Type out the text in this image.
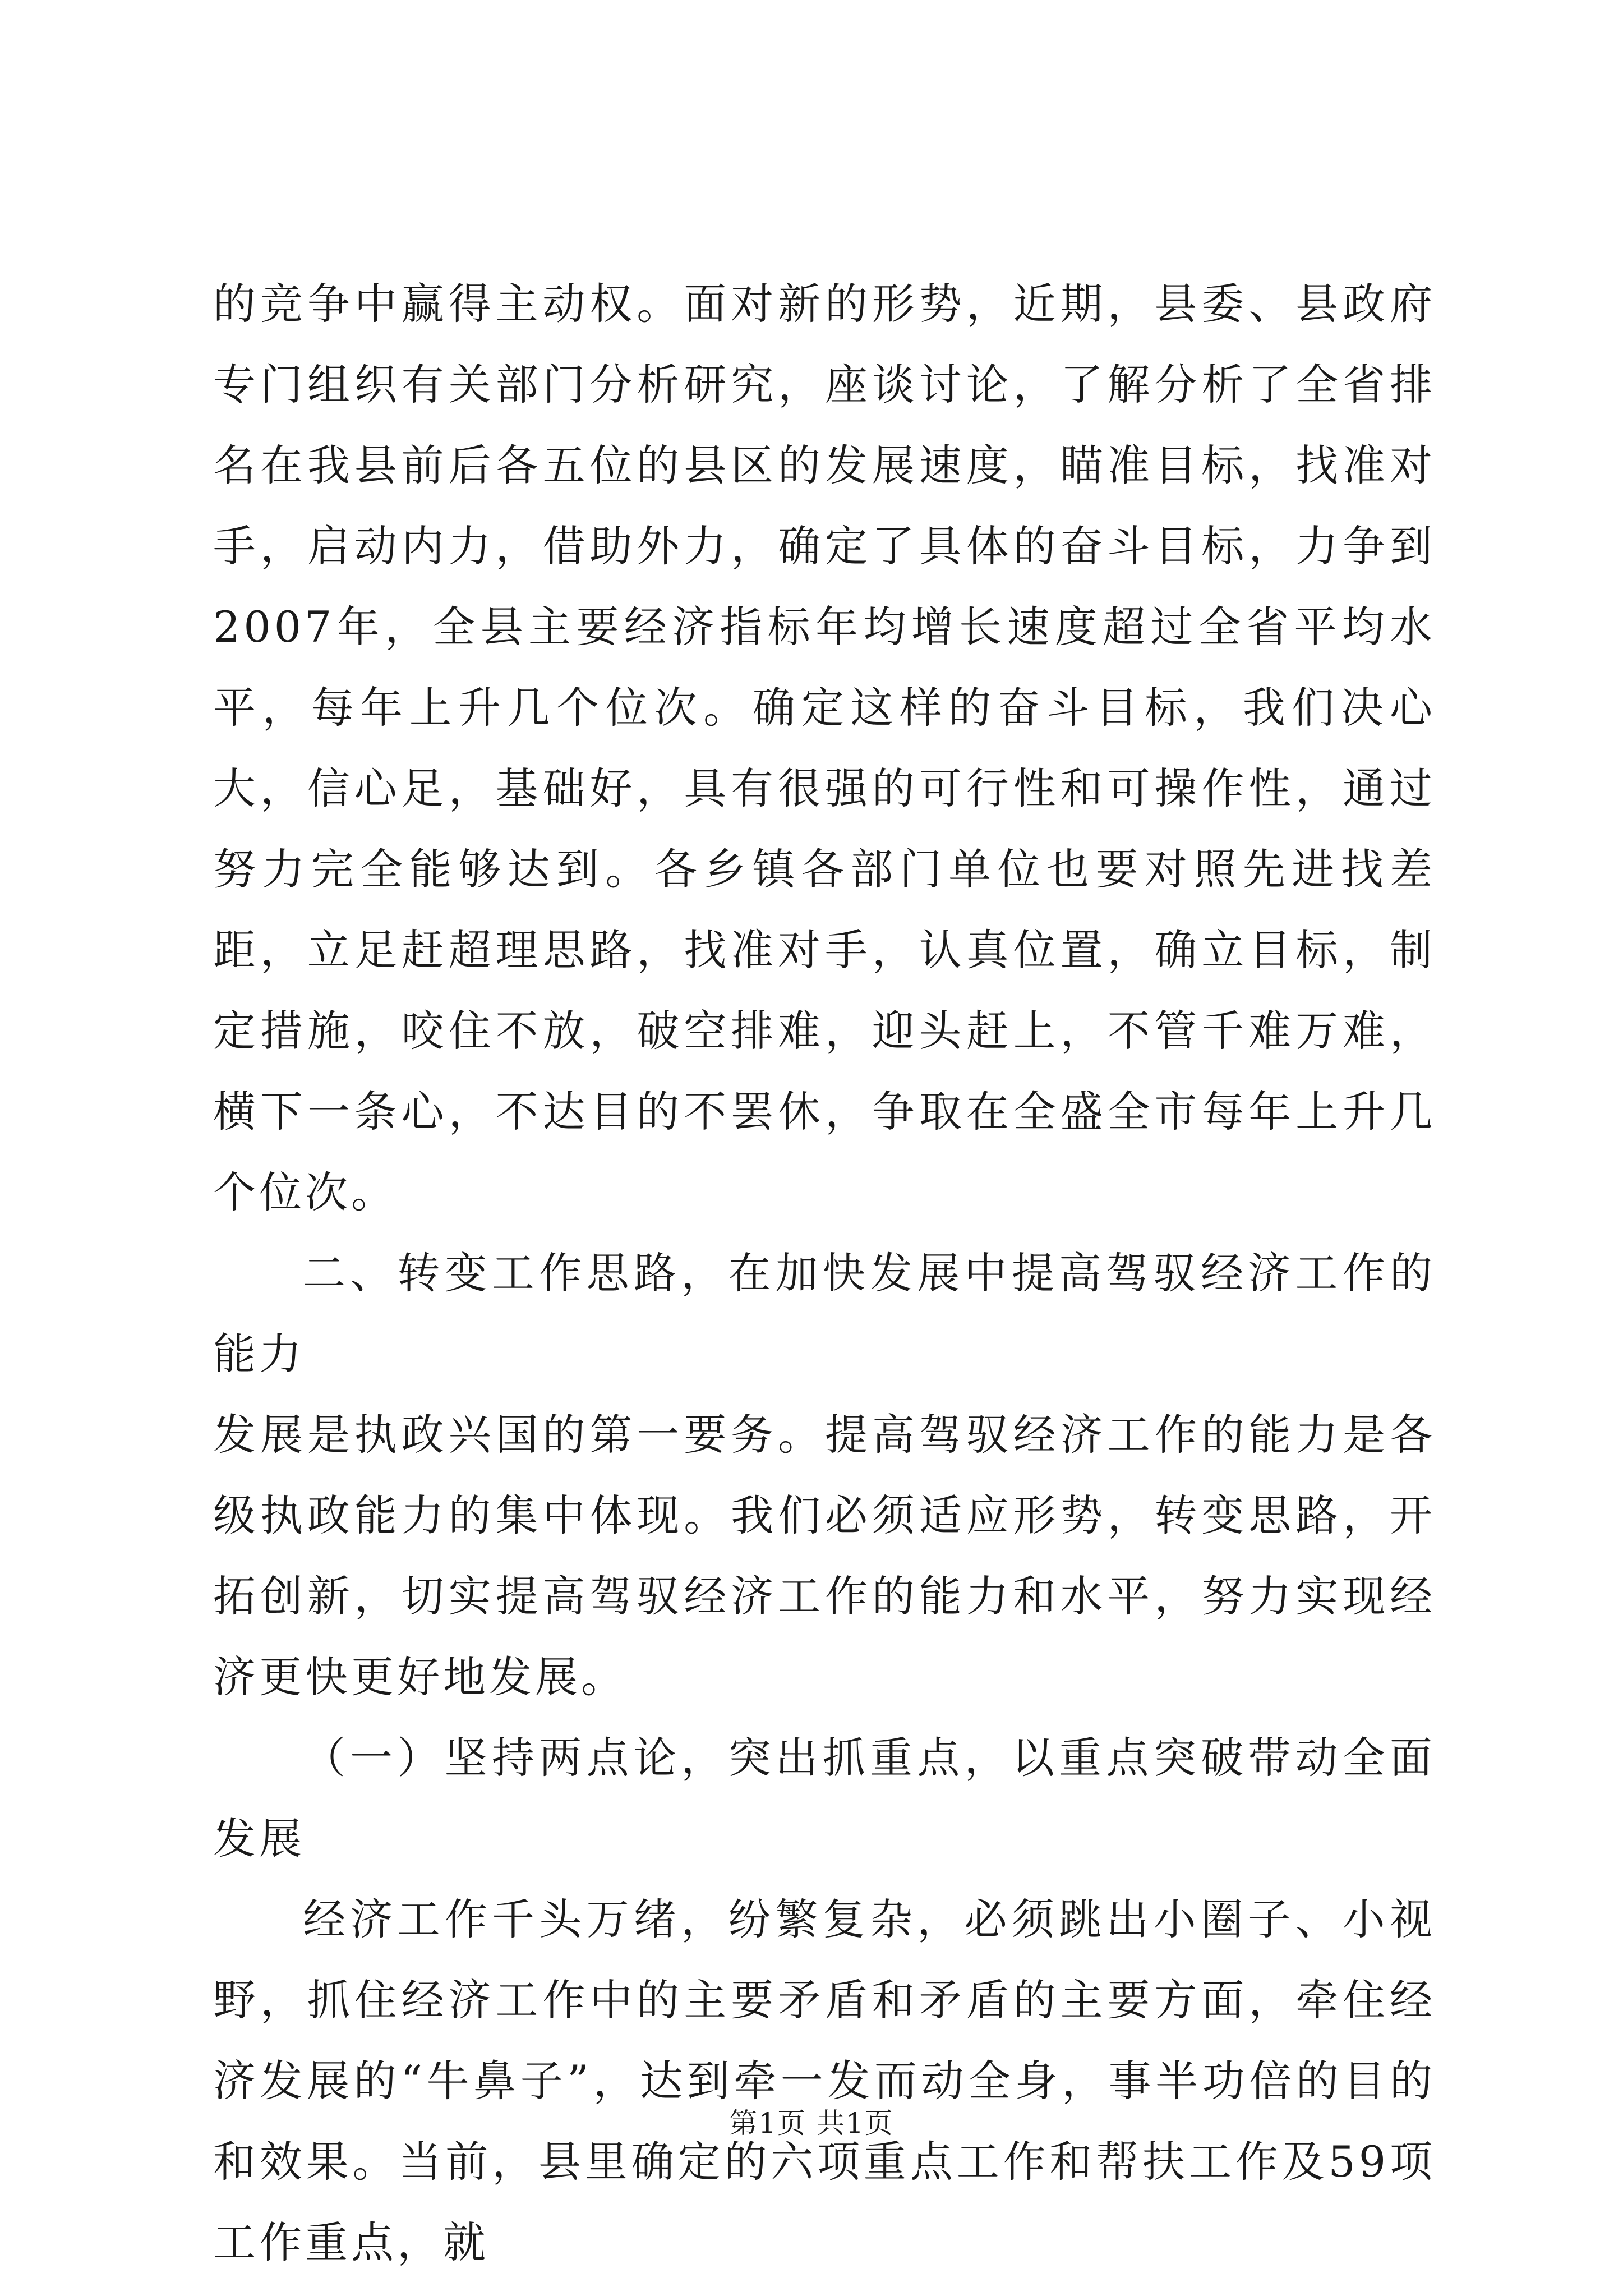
的竞争中赢得主动权。面对新的形势，近期，县委、县政府专门组织有关部门分析研究，座谈讨论，了解分析了全省排名在我县前后各五位的县区的发展速度，瞄准目标，找准对手，启动内力，借助外力，确定了具体的奋斗目标，力争到2007年，全县主要经济指标年均增长速度超过全省平均水平，每年上升几个位次。确定这样的奋斗目标，我们决心大，信心足，基础好，具有很强的可行性和可操作性，通过努力完全能够达到。各乡镇各部门单位也要对照先进找差距，立足赶超理思路，找准对手，认真位置，确立目标，制定措施，咬住不放，破空排难，迎头赶上，不管千难万难，横下一条心，不达目的不罢休，争取在全盛全市每年上升几个位次。

二、转变工作思路，在加快发展中提高驾驭经济工作的能力

发展是执政兴国的第一要务。提高驾驭经济工作的能力是各级执政能力的集中体现。我们必须适应形势，转变思路，开拓创新，切实提高驾驭经济工作的能力和水平，努力实现经济更快更好地发展。

（一）坚持两点论，突出抓重点，以重点突破带动全面发展

经济工作千头万绪，纷繁复杂，必须跳出小圈子、小视野，抓住经济工作中的主要矛盾和矛盾的主要方面，牵住经济发展的“牛鼻子”，达到牵一发而动全身，事半功倍的目的和效果。当前，县里确定的六项重点工作和帮扶工作及59项工作重点，就

第1页 共1页
